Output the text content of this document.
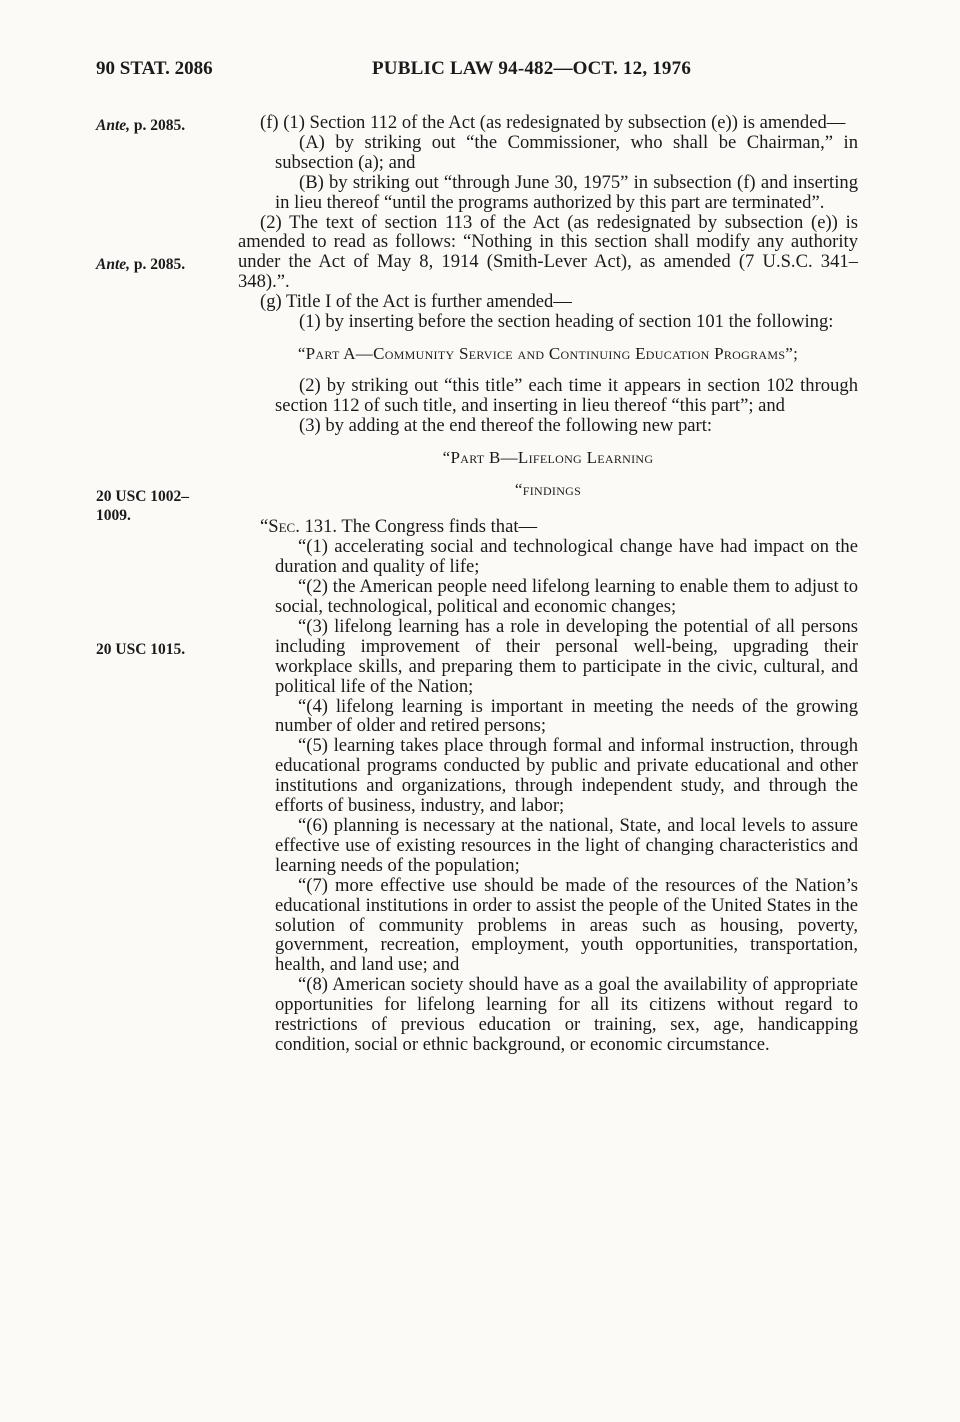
90 STAT. 2086	PUBLIC LAW 94-482—OCT. 12, 1976
Ante, p. 2085.
Ante, p. 2085.
20 USC 1002–
1009.
20 USC 1015.

(f) (1) Section 112 of the Act (as redesignated by subsection (e)) is amended—

(A) by striking out “the Commissioner, who shall be Chairman,” in subsection (a); and

(B) by striking out “through June 30, 1975” in subsection (f) and inserting in lieu thereof “until the programs authorized by this part are terminated”.

(2) The text of section 113 of the Act (as redesignated by subsection (e)) is amended to read as follows: “Nothing in this section shall modify any authority under the Act of May 8, 1914 (Smith-Lever Act), as amended (7 U.S.C. 341–348).”.

(g) Title I of the Act is further amended—

(1) by inserting before the section heading of section 101 the following:

“Part A—Community Service and Continuing Education Programs”;

(2) by striking out “this title” each time it appears in section 102 through section 112 of such title, and inserting in lieu thereof “this part”; and

(3) by adding at the end thereof the following new part:

“Part B—Lifelong Learning

“findings

“Sec. 131. The Congress finds that—

“(1) accelerating social and technological change have had impact on the duration and quality of life;

“(2) the American people need lifelong learning to enable them to adjust to social, technological, political and economic changes;

“(3) lifelong learning has a role in developing the potential of all persons including improvement of their personal well-being, upgrading their workplace skills, and preparing them to participate in the civic, cultural, and political life of the Nation;

“(4) lifelong learning is important in meeting the needs of the growing number of older and retired persons;

“(5) learning takes place through formal and informal instruction, through educational programs conducted by public and private educational and other institutions and organizations, through independent study, and through the efforts of business, industry, and labor;

“(6) planning is necessary at the national, State, and local levels to assure effective use of existing resources in the light of changing characteristics and learning needs of the population;

“(7) more effective use should be made of the resources of the Nation’s educational institutions in order to assist the people of the United States in the solution of community problems in areas such as housing, poverty, government, recreation, employment, youth opportunities, transportation, health, and land use; and

“(8) American society should have as a goal the availability of appropriate opportunities for lifelong learning for all its citizens without regard to restrictions of previous education or training, sex, age, handicapping condition, social or ethnic background, or economic circumstance.
